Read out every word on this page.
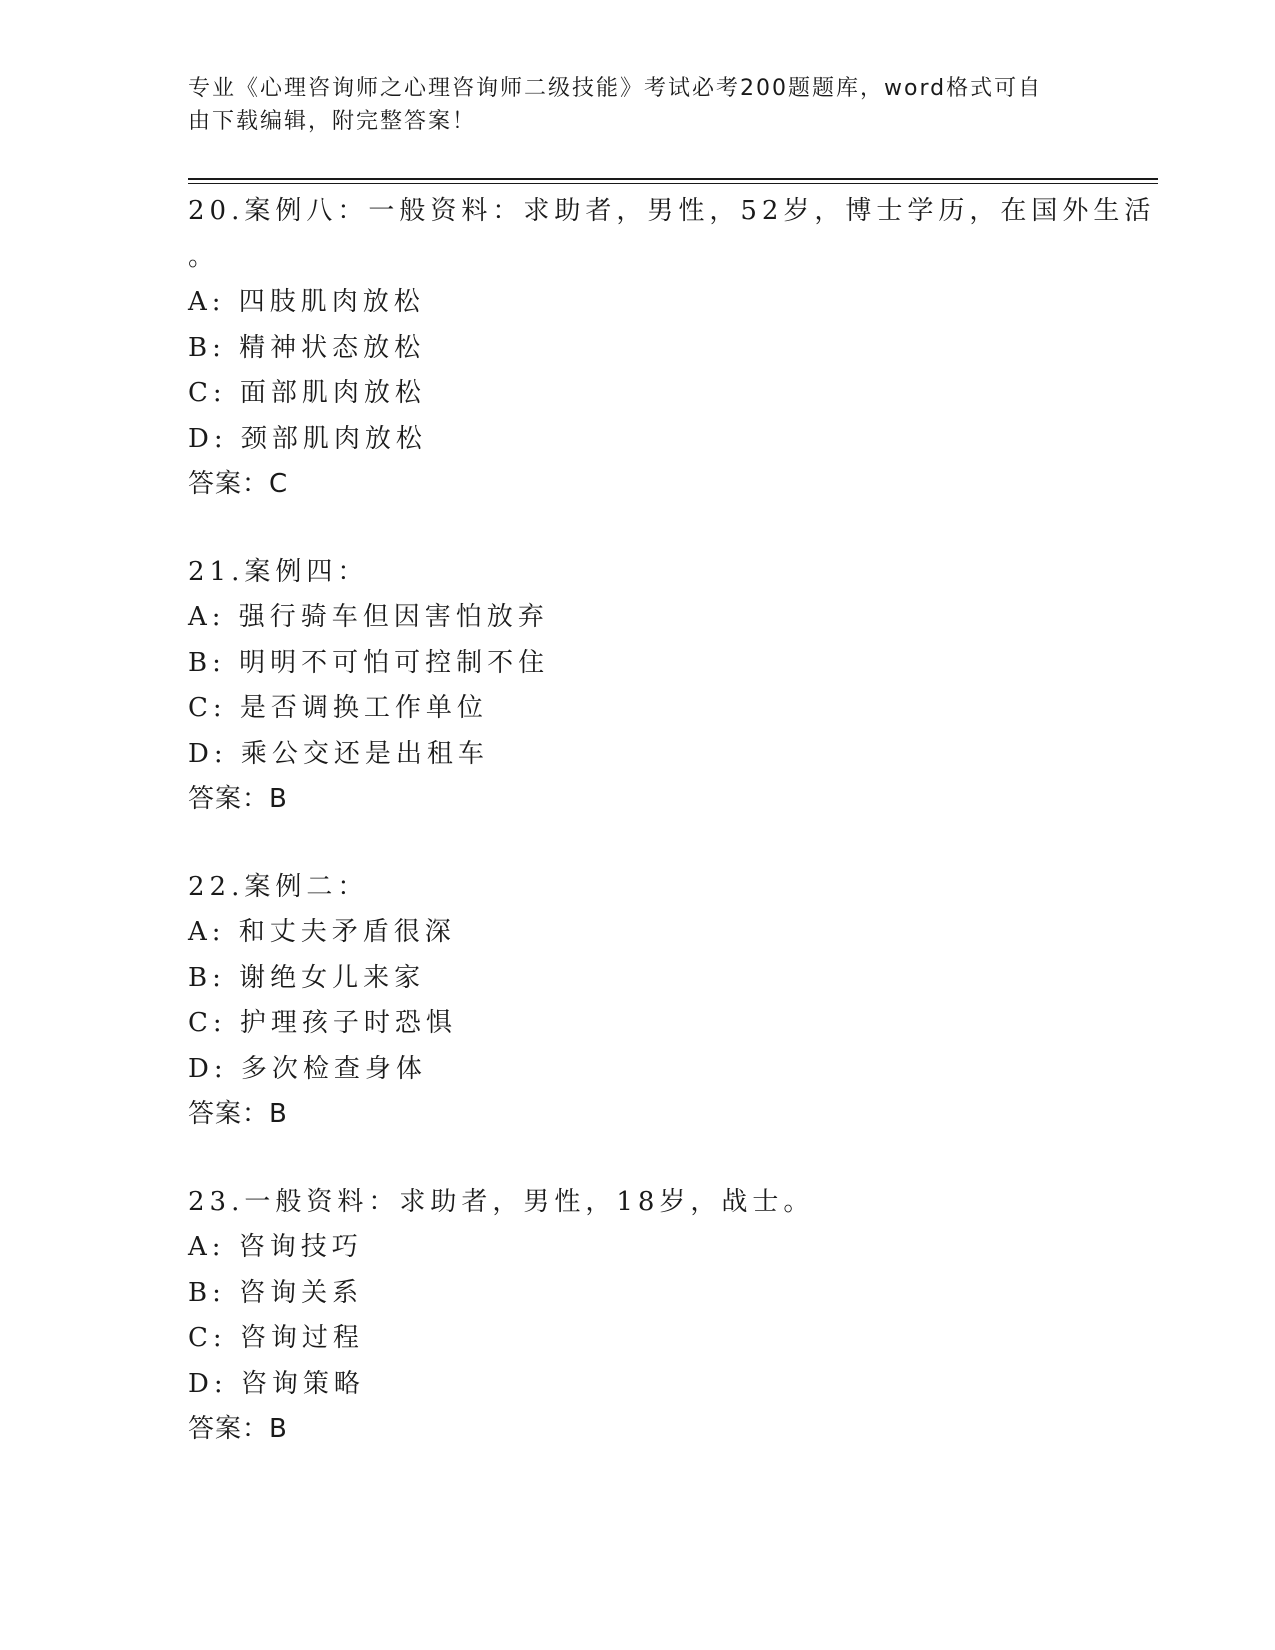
专业《心理咨询师之心理咨询师二级技能》考试必考200题题库，word格式可自
由下载编辑，附完整答案！
20.案例八：一般资料：求助者，男性，52岁，博士学历，在国外生活
。
A: 四肢肌肉放松
B: 精神状态放松
C: 面部肌肉放松
D: 颈部肌肉放松
答案：C
21.案例四：
A: 强行骑车但因害怕放弃
B: 明明不可怕可控制不住
C: 是否调换工作单位
D: 乘公交还是出租车
答案：B
22.案例二：
A: 和丈夫矛盾很深
B: 谢绝女儿来家
C: 护理孩子时恐惧
D: 多次检查身体
答案：B
23.一般资料：求助者，男性，18岁，战士。
A: 咨询技巧
B: 咨询关系
C: 咨询过程
D: 咨询策略
答案：B
